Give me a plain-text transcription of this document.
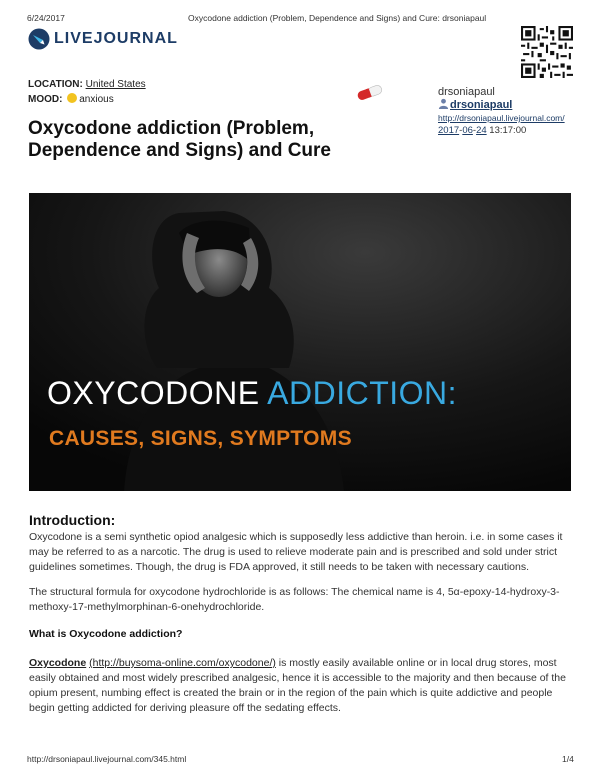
6/24/2017	Oxycodone addiction (Problem, Dependence and Signs) and Cure: drsoniapaul
LIVEJOURNAL
LOCATION: United States
MOOD: anxious
drsoniapaul
drsoniapaul
http://drsoniapaul.livejournal.com/
2017-06-24 13:17:00
Oxycodone addiction (Problem, Dependence and Signs) and Cure
OXYCODONE ADDICTION:
CAUSES, SIGNS, SYMPTOMS
Introduction:

Oxycodone is a semi synthetic opiod analgesic which is supposedly less addictive than heroin. i.e. in some cases it may be referred to as a narcotic. The drug is used to relieve moderate pain and is prescribed and sold under strict guidelines sometimes. Though, the drug is FDA approved, it still needs to be taken with necessary cautions.

The structural formula for oxycodone hydrochloride is as follows: The chemical name is 4, 5α-epoxy-14-hydroxy-3-methoxy-17-methylmorphinan-6-onehydrochloride.

What is Oxycodone addiction?

Oxycodone (http://buysoma-online.com/oxycodone/) is mostly easily available online or in local drug stores, most easily obtained and most widely prescribed analgesic, hence it is accessible to the majority and then because of the opium present, numbing effect is created the brain or in the region of the pain which is quite addictive and people begin getting addicted for deriving pleasure off the sedating effects.

http://drsoniapaul.livejournal.com/345.html	1/4
